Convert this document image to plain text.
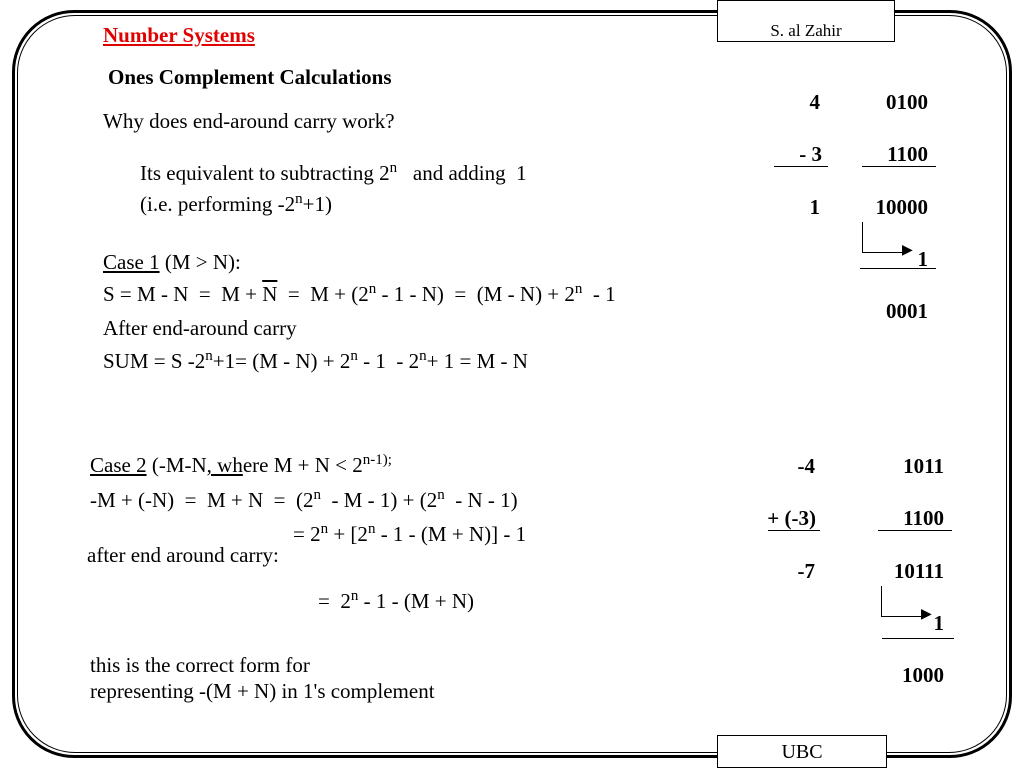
S. al Zahir
UBC
Number Systems
Ones Complement Calculations
Why does end-around carry work?
Its equivalent to subtracting 2$^n$   and adding  1
(i.e. performing $-2^n+1$)
Case 1 (M > N):
$S = M - N = M + \overline{N} = M + (2^n - 1 - N) = (M - N) + 2^n - 1$
After end-around carry
SUM = S $-2^n+1= (M - N) + 2^n - 1 - 2^n+ 1 = M - N$
Case 2 (-M-N, where $M + N < 2^{n-1);}$
$-M + (-N) = M + N = (2^n - M - 1) + (2^n - N - 1)$
= $2^n + [2^n - 1 - (M + N)] - 1$
after end around carry:
=  2$^n$ - 1 - (M + N)
this is the correct form for
representing -(M + N) in 1's complement
4
- 3
1
0100
1100
10000
▶ 1
0001
-4
+ (-3)
-7
1011
1100
10111
▶ 1
1000
